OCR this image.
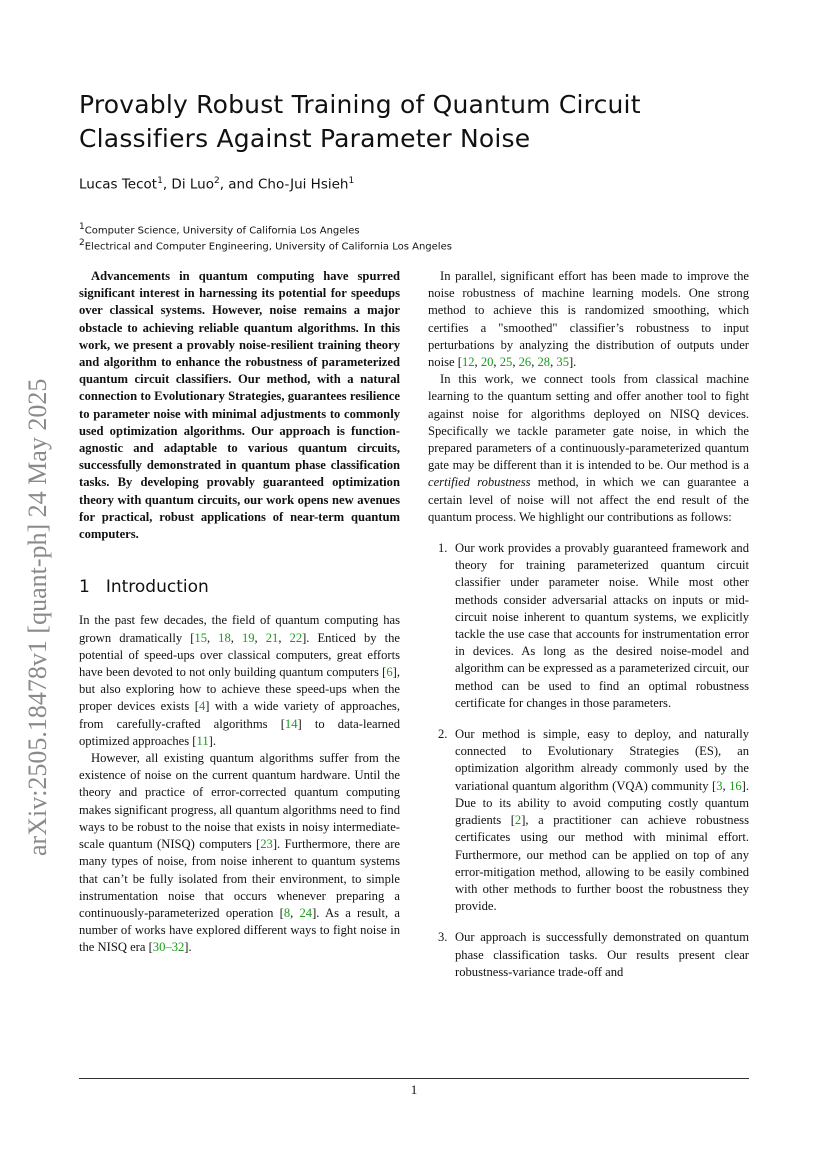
arXiv:2505.18478v1 [quant-ph] 24 May 2025
Provably Robust Training of Quantum Circuit Classifiers Against Parameter Noise
Lucas Tecot$^1$, Di Luo$^2$, and Cho-Jui Hsieh$^1$
$^1$Computer Science, University of California Los Angeles
$^2$Electrical and Computer Engineering, University of California Los Angeles

Advancements in quantum computing have spurred significant interest in harnessing its potential for speedups over classical systems. However, noise remains a major obstacle to achieving reliable quantum algorithms. In this work, we present a provably noise-resilient training theory and algorithm to enhance the robustness of parameterized quantum circuit classifiers. Our method, with a natural connection to Evolutionary Strategies, guarantees resilience to parameter noise with minimal adjustments to commonly used optimization algorithms. Our approach is function-agnostic and adaptable to various quantum circuits, successfully demonstrated in quantum phase classification tasks. By developing provably guaranteed optimization theory with quantum circuits, our work opens new avenues for practical, robust applications of near-term quantum computers.

1 Introduction

In the past few decades, the field of quantum computing has grown dramatically [15, 18, 19, 21, 22]. Enticed by the potential of speed-ups over classical computers, great efforts have been devoted to not only building quantum computers [6], but also exploring how to achieve these speed-ups when the proper devices exists [4] with a wide variety of approaches, from carefully-crafted algorithms [14] to data-learned optimized approaches [11].

However, all existing quantum algorithms suffer from the existence of noise on the current quantum hardware. Until the theory and practice of error-corrected quantum computing makes significant progress, all quantum algorithms need to find ways to be robust to the noise that exists in noisy intermediate-scale quantum (NISQ) computers [23]. Furthermore, there are many types of noise, from noise inherent to quantum systems that can’t be fully isolated from their environment, to simple instrumentation noise that occurs whenever preparing a continuously-parameterized operation [8, 24]. As a result, a number of works have explored different ways to fight noise in the NISQ era [30–32].

In parallel, significant effort has been made to improve the noise robustness of machine learning models. One strong method to achieve this is randomized smoothing, which certifies a "smoothed" classifier’s robustness to input perturbations by analyzing the distribution of outputs under noise [12, 20, 25, 26, 28, 35].

In this work, we connect tools from classical machine learning to the quantum setting and offer another tool to fight against noise for algorithms deployed on NISQ devices. Specifically we tackle parameter gate noise, in which the prepared parameters of a continuously-parameterized quantum gate may be different than it is intended to be. Our method is a certified robustness method, in which we can guarantee a certain level of noise will not affect the end result of the quantum process. We highlight our contributions as follows:

1. Our work provides a provably guaranteed framework and theory for training parameterized quantum circuit classifier under parameter noise. While most other methods consider adversarial attacks on inputs or mid-circuit noise inherent to quantum systems, we explicitly tackle the use case that accounts for instrumentation error in devices. As long as the desired noise-model and algorithm can be expressed as a parameterized circuit, our method can be used to find an optimal robustness certificate for changes in those parameters.
2. Our method is simple, easy to deploy, and naturally connected to Evolutionary Strategies (ES), an optimization algorithm already commonly used by the variational quantum algorithm (VQA) community [3, 16]. Due to its ability to avoid computing costly quantum gradients [2], a practitioner can achieve robustness certificates using our method with minimal effort. Furthermore, our method can be applied on top of any error-mitigation method, allowing to be easily combined with other methods to further boost the robustness they provide.
3. Our approach is successfully demonstrated on quantum phase classification tasks. Our results present clear robustness-variance trade-off and
1
